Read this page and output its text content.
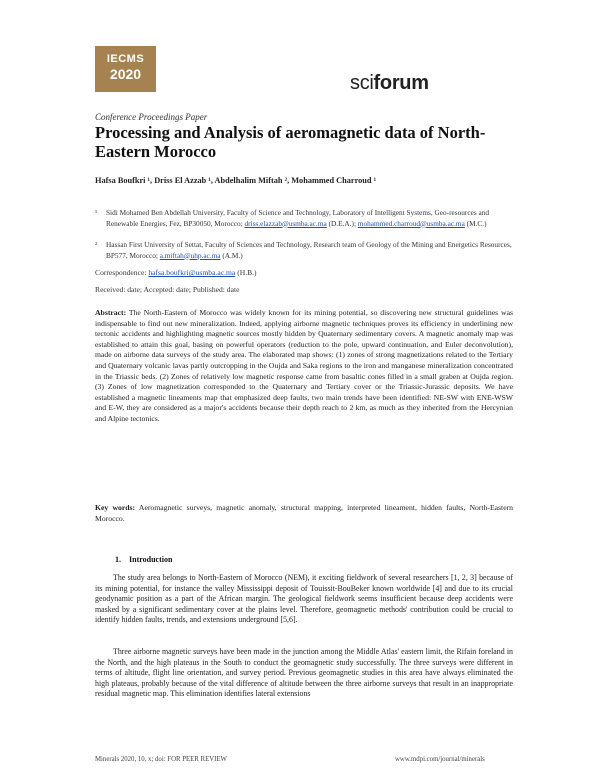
IECMS
2020	sciforum
Conference Proceedings Paper
Processing and Analysis of aeromagnetic data of North-Eastern Morocco
Hafsa Boufkri ¹, Driss El Azzab ¹, Abdelhalim Miftah ², Mohammed Charroud ¹
¹ Sidi Mohamed Ben Abdellah University, Faculty of Science and Technology, Laboratory of Intelligent Systems, Geo-resources and Renewable Energies, Fez, BP30050, Morocco; driss.elazzab@usmba.ac.ma (D.E.A.); mohammed.charroud@usmba.ac.ma (M.C.)
² Hassan First University of Settat, Faculty of Sciences and Technology, Research team of Geology of the Mining and Energetics Resources, BP577, Morocco; a.miftah@uhp.ac.ma (A.M.)
Correspondence: hafsa.boufkri@usmba.ac.ma (H.B.)
Received: date; Accepted: date; Published: date
Abstract: The North-Eastern of Morocco was widely known for its mining potential, so discovering new structural guidelines was indispensable to find out new mineralization. Indeed, applying airborne magnetic techniques proves its efficiency in underlining new tectonic accidents and highlighting magnetic sources mostly hidden by Quaternary sedimentary covers. A magnetic anomaly map was established to attain this goal, basing on powerful operators (reduction to the pole, upward continuation, and Euler deconvolution), made on airborne data surveys of the study area. The elaborated map shows: (1) zones of strong magnetizations related to the Tertiary and Quaternary volcanic lavas partly outcropping in the Oujda and Saka regions to the iron and manganese mineralization concentrated in the Triassic beds. (2) Zones of relatively low magnetic response came from basaltic cones filled in a small graben at Oujda region. (3) Zones of low magnetization corresponded to the Quaternary and Tertiary cover or the Triassic-Jurassic deposits. We have established a magnetic lineaments map that emphasized deep faults, two main trends have been identified: NE-SW with ENE-WSW and E-W, they are considered as a major's accidents because their depth reach to 2 km, as much as they inherited from the Hercynian and Alpine tectonics.
Key words: Aeromagnetic surveys, magnetic anomaly, structural mapping, interpreted lineament, hidden faults, North-Eastern Morocco.
1.    Introduction
The study area belongs to North-Eastern of Morocco (NEM), it exciting fieldwork of several researchers [1, 2, 3] because of its mining potential, for instance the valley Mississippi deposit of Touissit-BouBeker known worldwide [4] and due to its crucial geodynamic position as a part of the African margin. The geological fieldwork seems insufficient because deep accidents were masked by a significant sedimentary cover at the plains level. Therefore, geomagnetic methods' contribution could be crucial to identify hidden faults, trends, and extensions underground [5,6].
Three airborne magnetic surveys have been made in the junction among the Middle Atlas' eastern limit, the Rifain foreland in the North, and the high plateaus in the South to conduct the geomagnetic study successfully. The three surveys were different in terms of altitude, flight line orientation, and survey period. Previous geomagnetic studies in this area have always eliminated the high plateaus, probably because of the vital difference of altitude between the three airborne surveys that result in an inappropriate residual magnetic map. This elimination identifies lateral extensions
Minerals 2020, 10, x; doi: FOR PEER REVIEW	www.mdpi.com/journal/minerals
